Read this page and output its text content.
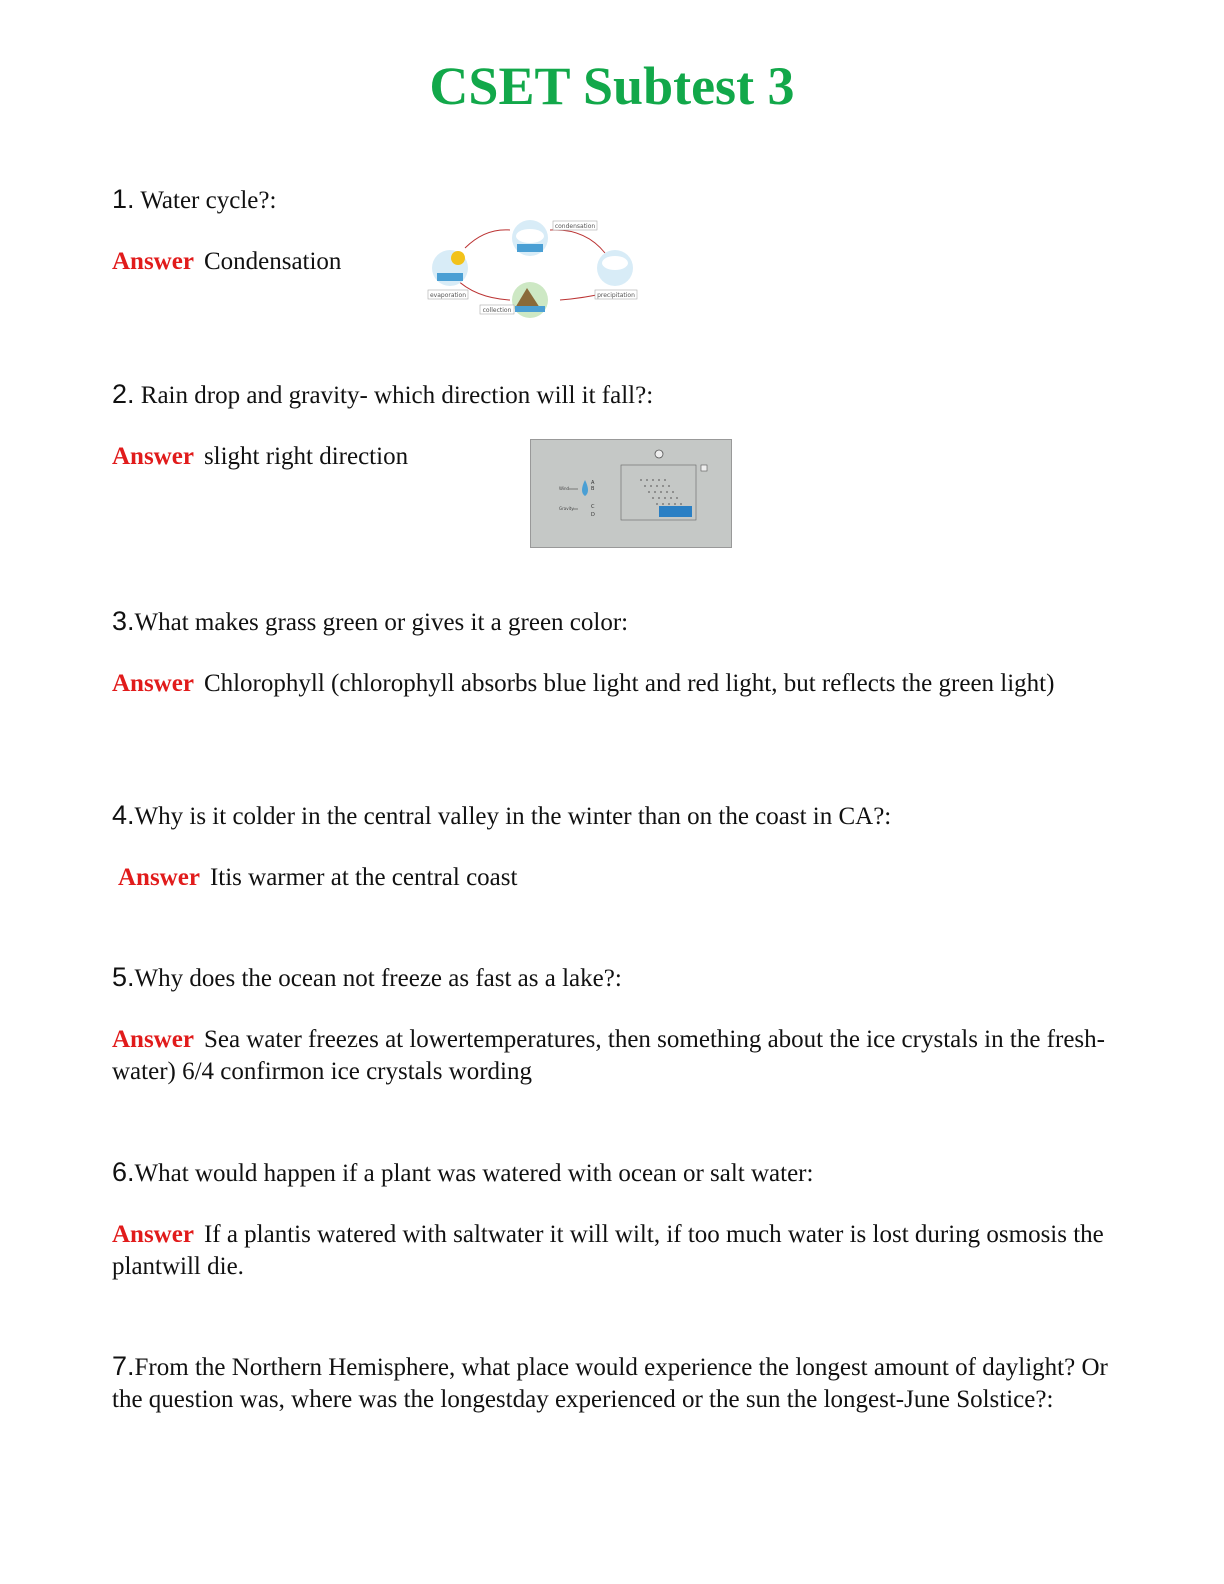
CSET Subtest 3
1. Water cycle?:
Answer Condensation
condensation
evaporation	precipitation
collection
2. Rain drop and gravity- which direction will it fall?:
Answer slight right direction
Wind
Gravity
A
B
C
D
3.What makes grass green or gives it a green color:
Answer Chlorophyll (chlorophyll absorbs blue light and red light, but reflects the green light)
4.Why is it colder in the central valley in the winter than on the coast in CA?:
Answer Itis warmer at the central coast
5.Why does the ocean not freeze as fast as a lake?:
Answer Sea water freezes at lowertemperatures, then something about the ice crystals in the fresh-water) 6/4 confirmon ice crystals wording
6.What would happen if a plant was watered with ocean or salt water:
Answer If a plantis watered with saltwater it will wilt, if too much water is lost during osmosis the plantwill die.
7.From the Northern Hemisphere, what place would experience the longest amount of daylight? Or the question was, where was the longestday experienced or the sun the longest-June Solstice?:
